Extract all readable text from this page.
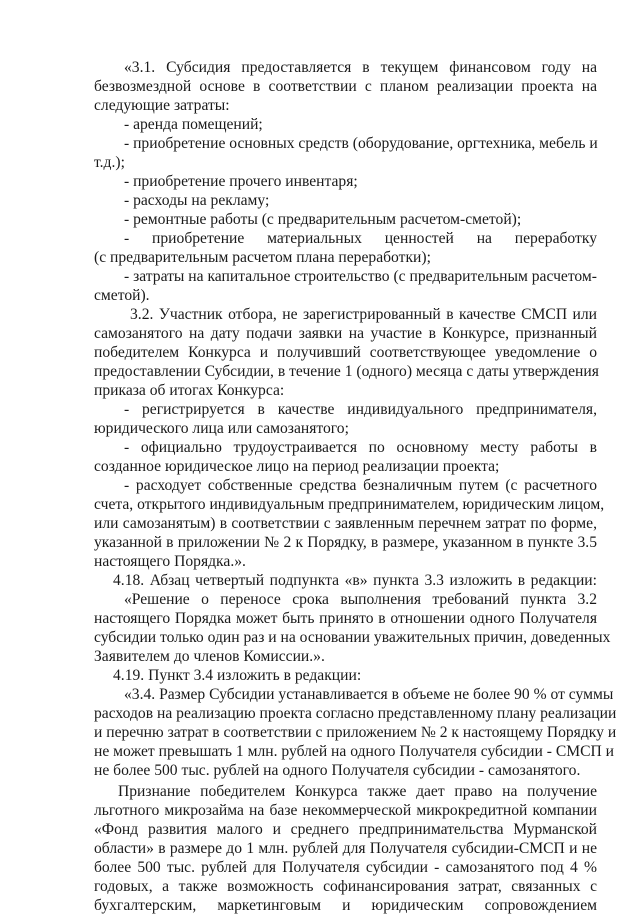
«3.1. Субсидия предоставляется в текущем финансовом году на
безвозмездной основе в соответствии с планом реализации проекта на
следующие затраты:
- аренда помещений;
- приобретение основных средств (оборудование, оргтехника, мебель и
т.д.);
- приобретение прочего инвентаря;
- расходы на рекламу;
- ремонтные работы (с предварительным расчетом-сметой);
- приобретение материальных ценностей на переработку
(с предварительным расчетом плана переработки);
- затраты на капитальное строительство (с предварительным расчетом-
сметой).
3.2. Участник отбора, не зарегистрированный в качестве СМСП или
самозанятого на дату подачи заявки на участие в Конкурсе, признанный
победителем Конкурса и получивший соответствующее уведомление о
предоставлении Субсидии, в течение 1 (одного) месяца с даты утверждения
приказа об итогах Конкурса:
- регистрируется в качестве индивидуального предпринимателя,
юридического лица или самозанятого;
- официально трудоустраивается по основному месту работы в
созданное юридическое лицо на период реализации проекта;
- расходует собственные средства безналичным путем (с расчетного
счета, открытого индивидуальным предпринимателем, юридическим лицом,
или самозанятым) в соответствии с заявленным перечнем затрат по форме,
указанной в приложении № 2 к Порядку, в размере, указанном в пункте 3.5
настоящего Порядка.».
4.18. Абзац четвертый подпункта «в» пункта 3.3 изложить в редакции:
«Решение о переносе срока выполнения требований пункта 3.2
настоящего Порядка может быть принято в отношении одного Получателя
субсидии только один раз и на основании уважительных причин, доведенных
Заявителем до членов Комиссии.».
4.19. Пункт 3.4 изложить в редакции:
«3.4. Размер Субсидии устанавливается в объеме не более 90 % от суммы
расходов на реализацию проекта согласно представленному плану реализации
и перечню затрат в соответствии с приложением № 2 к настоящему Порядку и
не может превышать 1 млн. рублей на одного Получателя субсидии - СМСП и
не более 500 тыс. рублей на одного Получателя субсидии - самозанятого.
Признание победителем Конкурса также дает право на получение
льготного микрозайма на базе некоммерческой микрокредитной компании
«Фонд развития малого и среднего предпринимательства Мурманской
области» в размере до 1 млн. рублей для Получателя субсидии-СМСП и не
более 500 тыс. рублей для Получателя субсидии - самозанятого под 4 %
годовых, а также возможность софинансирования затрат, связанных с
бухгалтерским, маркетинговым и юридическим сопровождением
